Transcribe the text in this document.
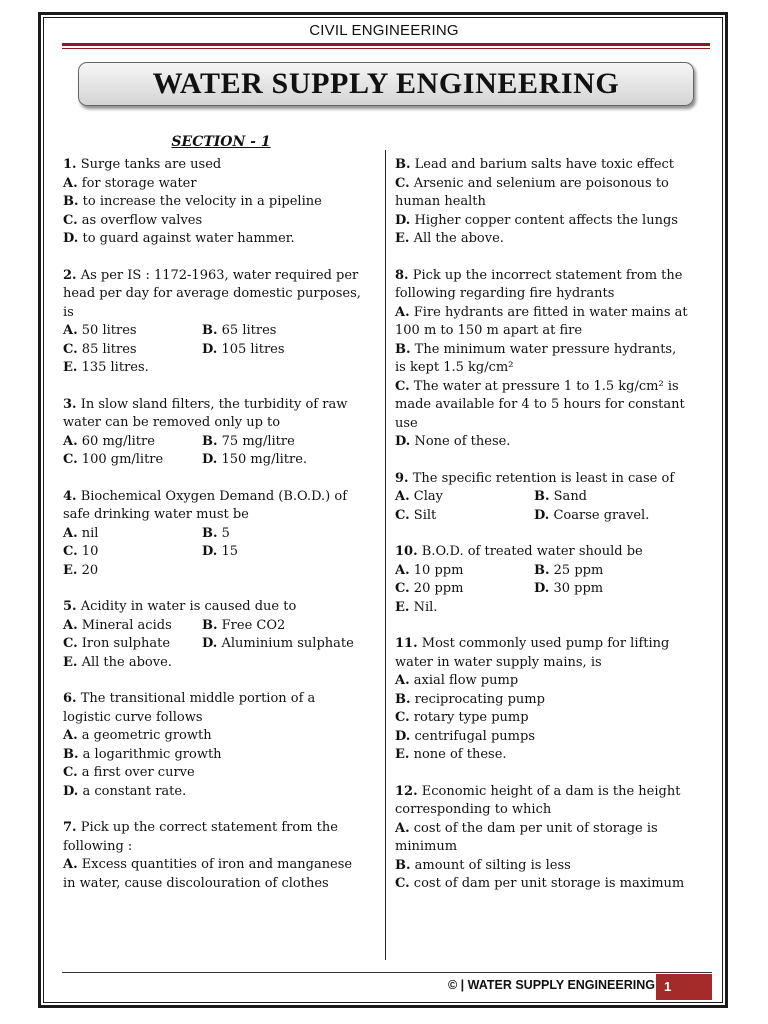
CIVIL ENGINEERING
WATER SUPPLY ENGINEERING
SECTION - 1
1. Surge tanks are used
A. for storage water
B. to increase the velocity in a pipeline
C. as overflow valves
D. to guard against water hammer.
2. As per IS : 1172-1963, water required per
head per day for average domestic purposes,
is
A. 50 litres	B. 65 litres
C. 85 litres	D. 105 litres
E. 135 litres.
3. In slow sland filters, the turbidity of raw
water can be removed only up to
A. 60 mg/litre	B. 75 mg/litre
C. 100 gm/litre	D. 150 mg/litre.
4. Biochemical Oxygen Demand (B.O.D.) of
safe drinking water must be
A. nil	B. 5
C. 10	D. 15
E. 20
5. Acidity in water is caused due to
A. Mineral acids	B. Free CO2
C. Iron sulphate	D. Aluminium sulphate
E. All the above.
6. The transitional middle portion of a
logistic curve follows
A. a geometric growth
B. a logarithmic growth
C. a first over curve
D. a constant rate.
7. Pick up the correct statement from the
following :
A. Excess quantities of iron and manganese
in water, cause discolouration of clothes
B. Lead and barium salts have toxic effect
C. Arsenic and selenium are poisonous to
human health
D. Higher copper content affects the lungs
E. All the above.
8. Pick up the incorrect statement from the
following regarding fire hydrants
A. Fire hydrants are fitted in water mains at
100 m to 150 m apart at fire
B. The minimum water pressure hydrants,
is kept 1.5 kg/cm²
C. The water at pressure 1 to 1.5 kg/cm² is
made available for 4 to 5 hours for constant
use
D. None of these.
9. The specific retention is least in case of
A. Clay	B. Sand
C. Silt	D. Coarse gravel.
10. B.O.D. of treated water should be
A. 10 ppm	B. 25 ppm
C. 20 ppm	D. 30 ppm
E. Nil.
11. Most commonly used pump for lifting
water in water supply mains, is
A. axial flow pump
B. reciprocating pump
C. rotary type pump
D. centrifugal pumps
E. none of these.
12. Economic height of a dam is the height
corresponding to which
A. cost of the dam per unit of storage is
minimum
B. amount of silting is less
C. cost of dam per unit storage is maximum
© | WATER SUPPLY ENGINEERING 1
